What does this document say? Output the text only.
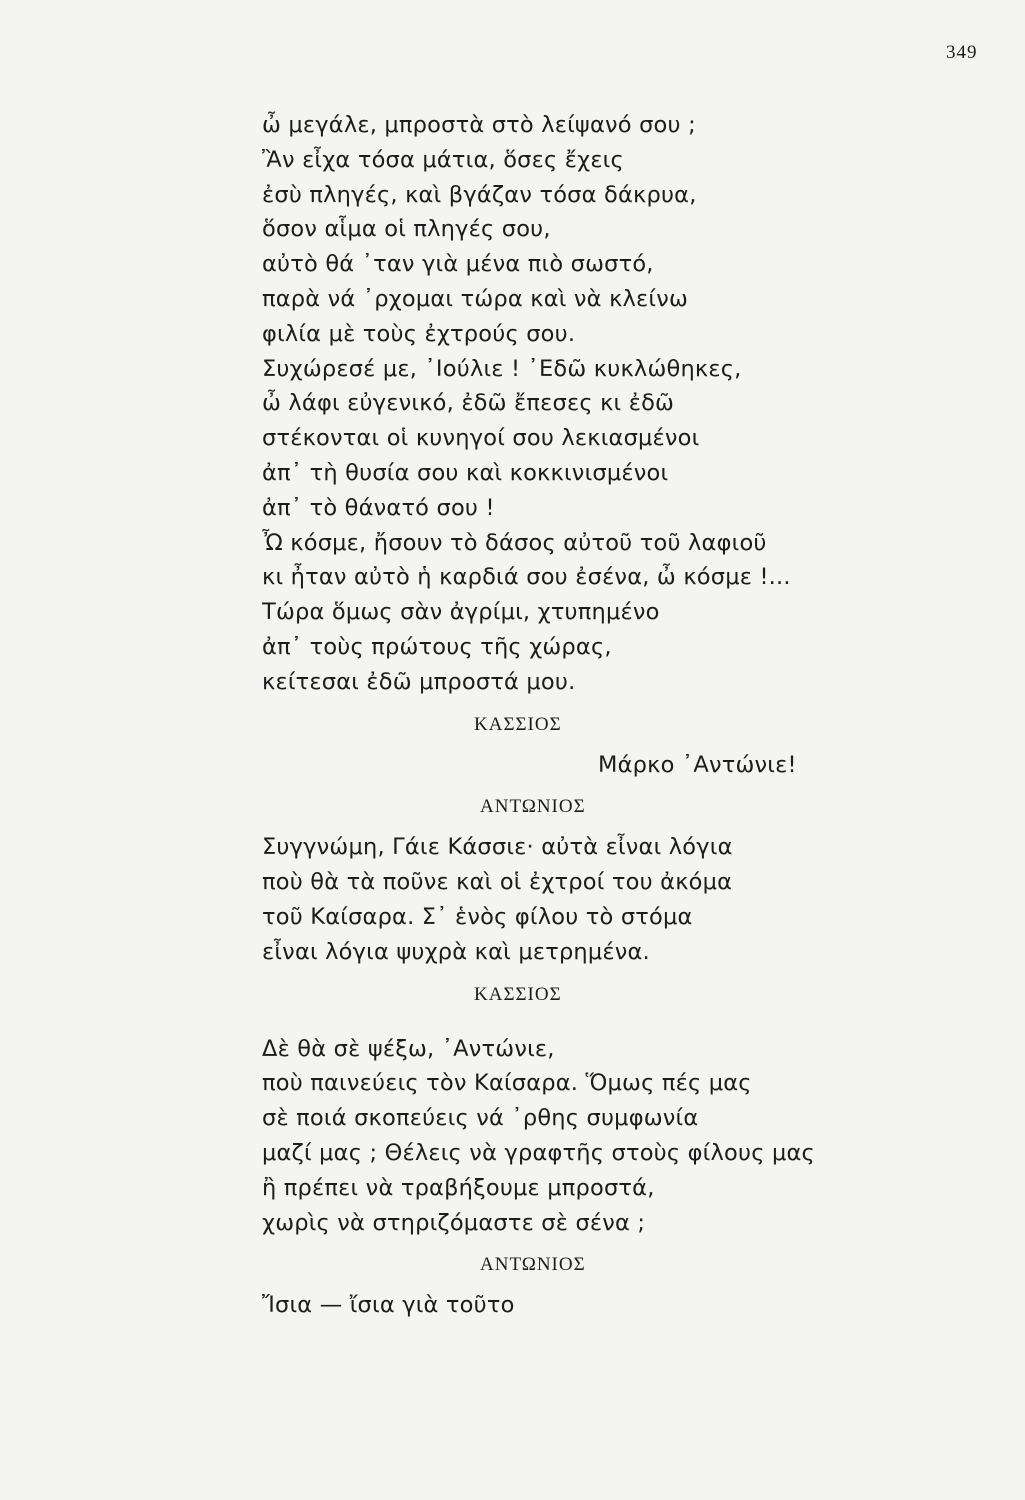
349
ὦ μεγάλε, μπροστὰ στὸ λείψανό σου ;
Ἂν εἶχα τόσα μάτια, ὅσες ἔχεις
ἐσὺ πληγές, καὶ βγάζαν τόσα δάκρυα,
ὅσον αἷμα οἱ πληγές σου,
αὐτὸ θά ᾽ταν γιὰ μένα πιὸ σωστό,
παρὰ νά ᾽ρχομαι τώρα καὶ νὰ κλείνω
φιλία μὲ τοὺς ἐχτρούς σου.
Συχώρεσέ με, ᾽Ιούλιε ! ᾽Εδῶ κυκλώθηκες,
ὦ λάφι εὐγενικό, ἐδῶ ἔπεσες κι ἐδῶ
στέκονται οἱ κυνηγοί σου λεκιασμένοι
ἀπ᾽ τὴ θυσία σου καὶ κοκκινισμένοι
ἀπ᾽ τὸ θάνατό σου !
Ὦ κόσμε, ἤσουν τὸ δάσος αὐτοῦ τοῦ λαφιοῦ
κι ἦταν αὐτὸ ἡ καρδιά σου ἐσένα, ὦ κόσμε !...
Τώρα ὅμως σὰν ἀγρίμι, χτυπημένο
ἀπ᾽ τοὺς πρώτους τῆς χώρας,
κείτεσαι ἐδῶ μπροστά μου.
ΚΑΣΣΙΟΣ
Μάρκο ᾽Αντώνιε!
ΑΝΤΩΝΙΟΣ
Συγγνώμη, Γάιε Κάσσιε· αὐτὰ εἶναι λόγια
ποὺ θὰ τὰ ποῦνε καὶ οἱ ἐχτροί του ἀκόμα
τοῦ Καίσαρα. Σ᾽ ἑνὸς φίλου τὸ στόμα
εἶναι λόγια ψυχρὰ καὶ μετρημένα.
ΚΑΣΣΙΟΣ
Δὲ θὰ σὲ ψέξω, ᾽Αντώνιε,
ποὺ παινεύεις τὸν Καίσαρα. Ὅμως πές μας
σὲ ποιά σκοπεύεις νά ᾽ρθης συμφωνία
μαζί μας ; Θέλεις νὰ γραφτῆς στοὺς φίλους μας
ἢ πρέπει νὰ τραβήξουμε μπροστά,
χωρὶς νὰ στηριζόμαστε σὲ σένα ;
ΑΝΤΩΝΙΟΣ
Ἴσια — ἴσια γιὰ τοῦτο
